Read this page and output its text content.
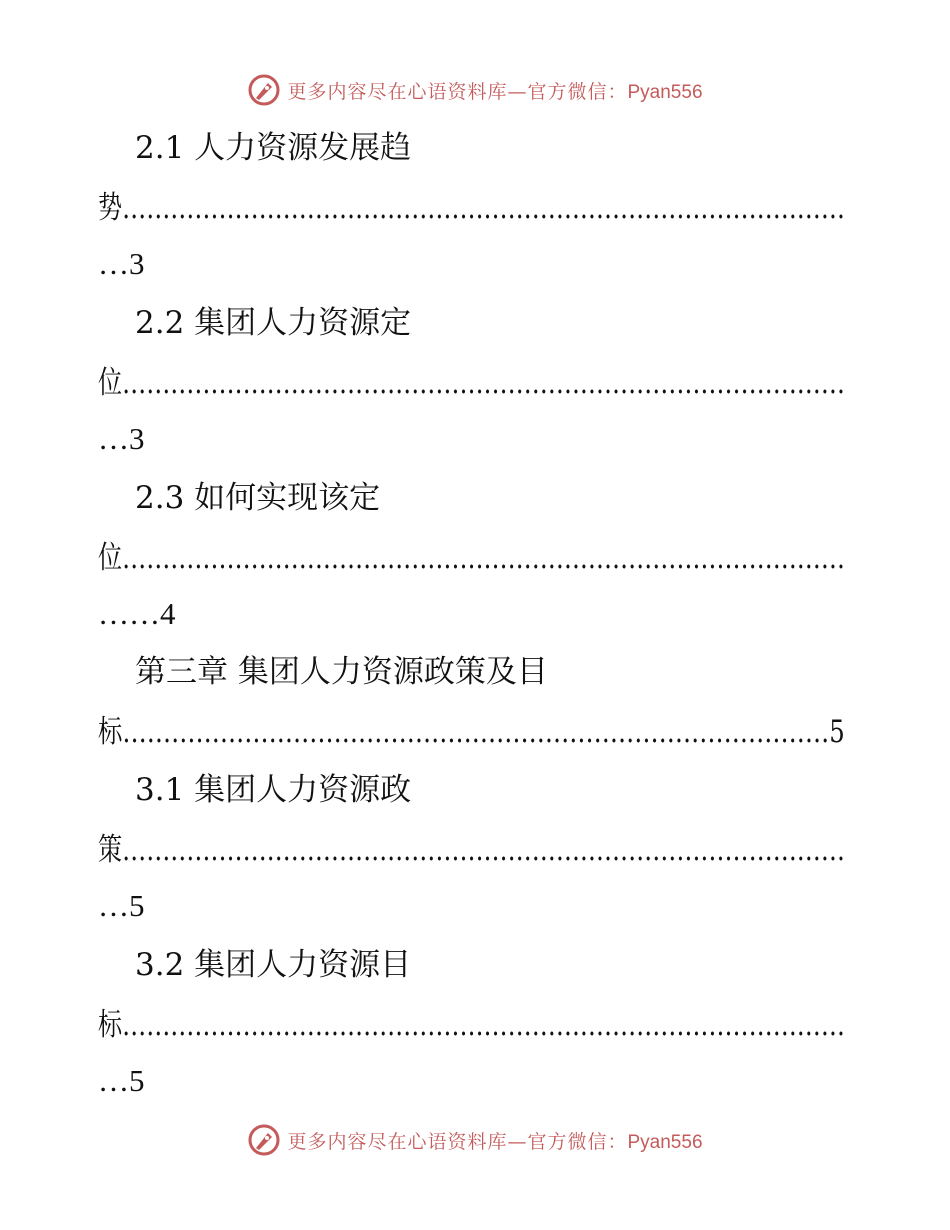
更多内容尽在心语资料库—官方微信：Pyan556
2.1 人力资源发展趋
势………………………………………………………………………………
…3
2.2 集团人力资源定
位………………………………………………………………………………
…3
2.3 如何实现该定
位………………………………………………………………………………
……4
第三章 集团人力资源政策及目
标……………………………………………………………………………5
3.1 集团人力资源政
策………………………………………………………………………………
…5
3.2 集团人力资源目
标………………………………………………………………………………
…5
更多内容尽在心语资料库—官方微信：Pyan556
